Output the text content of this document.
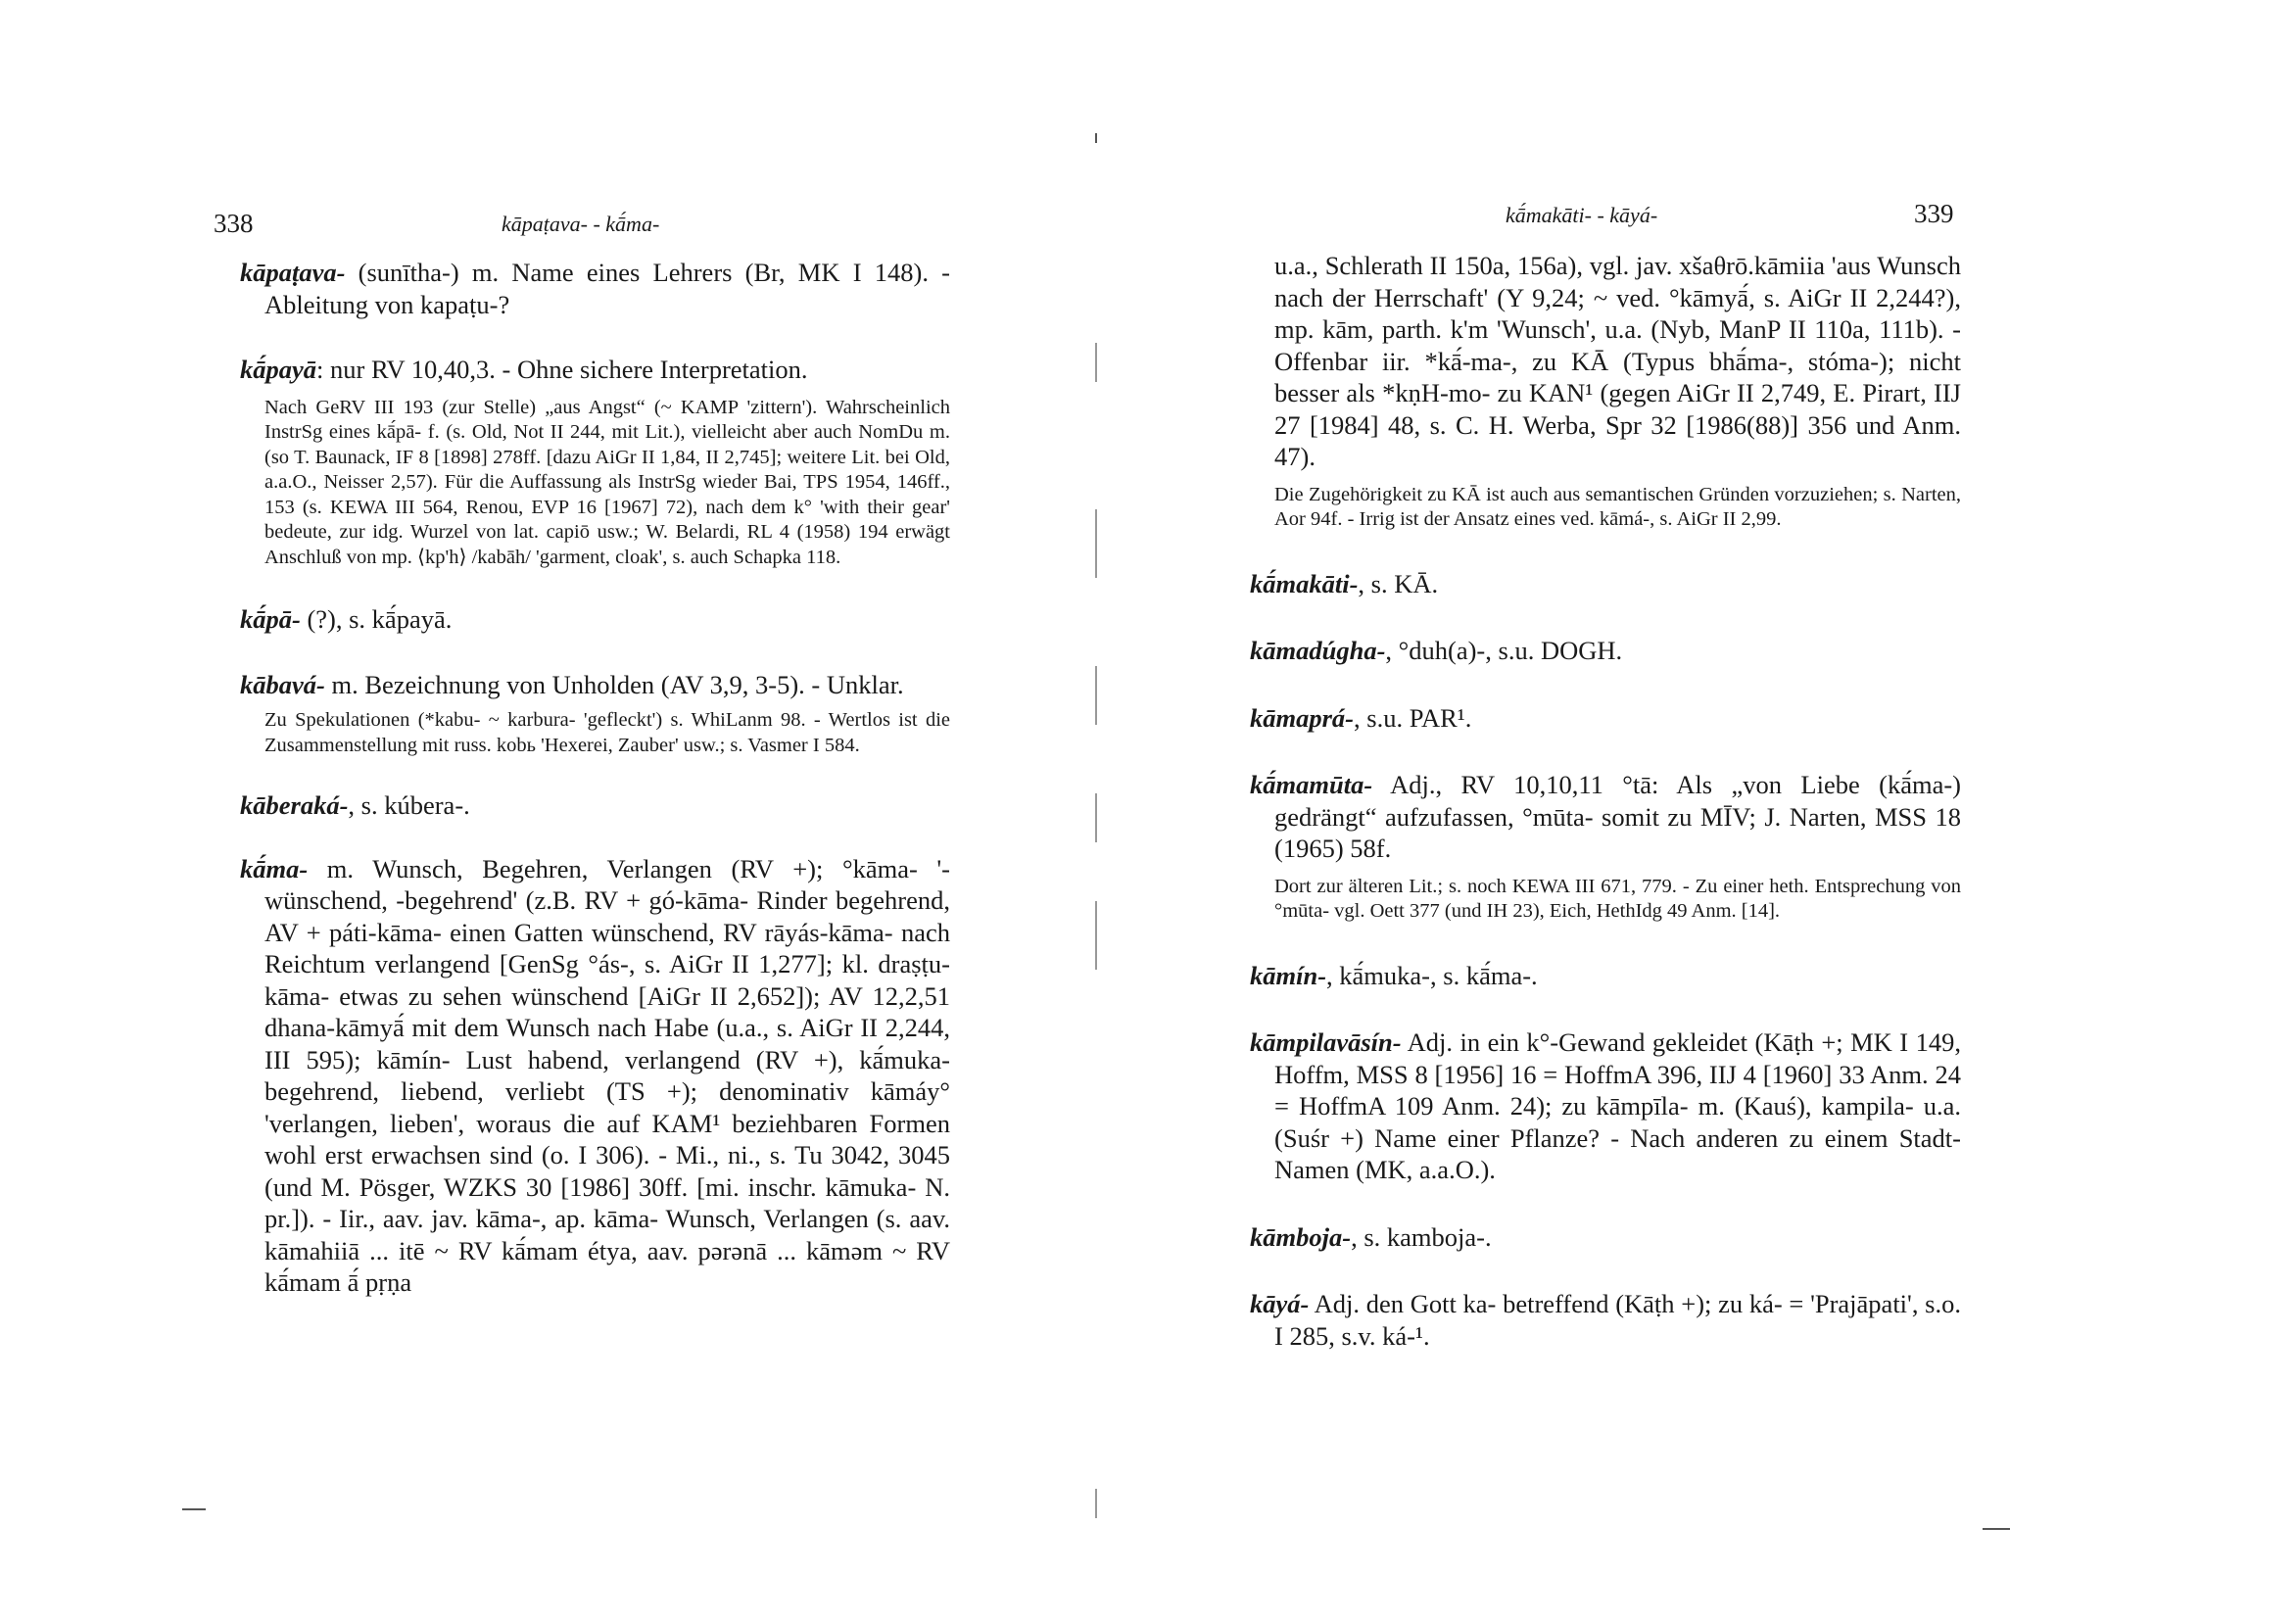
338	kāpaṭava- - kā́ma-

kāpaṭava- (sunītha-) m. Name eines Lehrers (Br, MK I 148). - Ableitung von kapaṭu-?

kā́payā: nur RV 10,40,3. - Ohne sichere Interpretation.

Nach GeRV III 193 (zur Stelle) „aus Angst“ (~ KAMP 'zittern'). Wahrscheinlich InstrSg eines kā́pā- f. (s. Old, Not II 244, mit Lit.), vielleicht aber auch NomDu m. (so T. Baunack, IF 8 [1898] 278ff. [dazu AiGr II 1,84, II 2,745]; weitere Lit. bei Old, a.a.O., Neisser 2,57). Für die Auffassung als InstrSg wieder Bai, TPS 1954, 146ff., 153 (s. KEWA III 564, Renou, EVP 16 [1967] 72), nach dem k° 'with their gear' bedeute, zur idg. Wurzel von lat. capiō usw.; W. Belardi, RL 4 (1958) 194 erwägt Anschluß von mp. ⟨kp'h⟩ /kabāh/ 'garment, cloak', s. auch Schapka 118.

kā́pā- (?), s. kā́payā.

kābavá- m. Bezeichnung von Unholden (AV 3,9, 3-5). - Unklar.

Zu Spekulationen (*kabu- ~ karbura- 'gefleckt') s. WhiLanm 98. - Wertlos ist die Zusammenstellung mit russ. kobь 'Hexerei, Zauber' usw.; s. Vasmer I 584.

kāberaká-, s. kúbera-.

kā́ma- m. Wunsch, Begehren, Verlangen (RV +); °kāma- '-wünschend, -begehrend' (z.B. RV + gó-kāma- Rinder begehrend, AV + páti-kāma- einen Gatten wünschend, RV rāyás-kāma- nach Reichtum verlangend [GenSg °ás-, s. AiGr II 1,277]; kl. draṣṭu-kāma- etwas zu sehen wünschend [AiGr II 2,652]); AV 12,2,51 dhana-kāmyā́ mit dem Wunsch nach Habe (u.a., s. AiGr II 2,244, III 595); kāmín- Lust habend, verlangend (RV +), kā́muka- begehrend, liebend, verliebt (TS +); denominativ kāmáy° 'verlangen, lieben', woraus die auf KAM¹ beziehbaren Formen wohl erst erwachsen sind (o. I 306). - Mi., ni., s. Tu 3042, 3045 (und M. Pösger, WZKS 30 [1986] 30ff. [mi. inschr. kāmuka- N. pr.]). - Iir., aav. jav. kāma-, ap. kāma- Wunsch, Verlangen (s. aav. kāmahiiā ... itē ~ RV kā́mam étya, aav. pərənā ... kāməm ~ RV kā́mam ā́ pṛṇa

kā́makāti- - kāyá-	339

u.a., Schlerath II 150a, 156a), vgl. jav. xšaθrō.kāmiia 'aus Wunsch nach der Herrschaft' (Y 9,24; ~ ved. °kāmyā́, s. AiGr II 2,244?), mp. kām, parth. k'm 'Wunsch', u.a. (Nyb, ManP II 110a, 111b). - Offenbar iir. *kā́-ma-, zu KĀ (Typus bhā́ma-, stóma-); nicht besser als *kṇH-mo- zu KAN¹ (gegen AiGr II 2,749, E. Pirart, IIJ 27 [1984] 48, s. C. H. Werba, Spr 32 [1986(88)] 356 und Anm. 47).

Die Zugehörigkeit zu KĀ ist auch aus semantischen Gründen vorzuziehen; s. Narten, Aor 94f. - Irrig ist der Ansatz eines ved. kāmá-, s. AiGr II 2,99.

kā́makāti-, s. KĀ.

kāmadúgha-, °duh(a)-, s.u. DOGH.

kāmaprá-, s.u. PAR¹.

kā́mamūta- Adj., RV 10,10,11 °tā: Als „von Liebe (kā́ma-) gedrängt“ aufzufassen, °mūta- somit zu MĪV; J. Narten, MSS 18 (1965) 58f.

Dort zur älteren Lit.; s. noch KEWA III 671, 779. - Zu einer heth. Entsprechung von °mūta- vgl. Oett 377 (und IH 23), Eich, HethIdg 49 Anm. [14].

kāmín-, kā́muka-, s. kā́ma-.

kāmpilavāsín- Adj. in ein k°-Gewand gekleidet (Kāṭh +; MK I 149, Hoffm, MSS 8 [1956] 16 = HoffmA 396, IIJ 4 [1960] 33 Anm. 24 = HoffmA 109 Anm. 24); zu kāmpīla- m. (Kauś), kampila- u.a. (Suśr +) Name einer Pflanze? - Nach anderen zu einem Stadt-Namen (MK, a.a.O.).

kāmboja-, s. kamboja-.

kāyá- Adj. den Gott ka- betreffend (Kāṭh +); zu ká- = 'Prajāpati', s.o. I 285, s.v. ká-¹.
